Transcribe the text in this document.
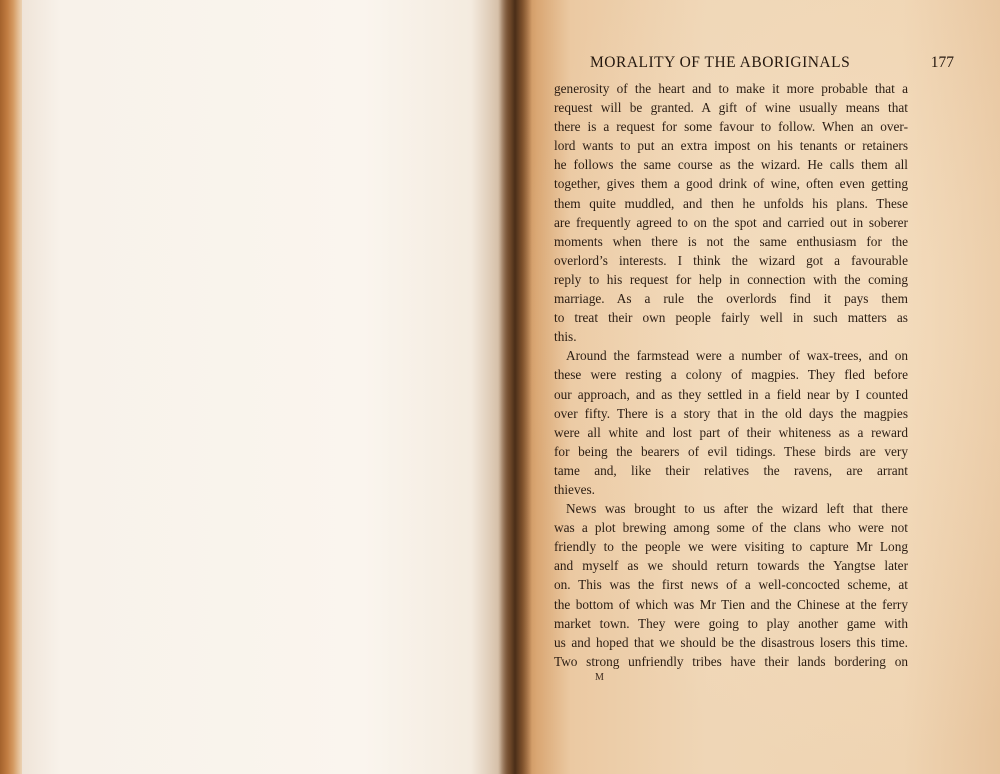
MORALITY OF THE ABORIGINALS	177
generosity of the heart and to make it more probable that a
request will be granted. A gift of wine usually means that
there is a request for some favour to follow. When an over-
lord wants to put an extra impost on his tenants or retainers
he follows the same course as the wizard. He calls them all
together, gives them a good drink of wine, often even getting
them quite muddled, and then he unfolds his plans. These
are frequently agreed to on the spot and carried out in soberer
moments when there is not the same enthusiasm for the
overlord’s interests. I think the wizard got a favourable
reply to his request for help in connection with the coming
marriage. As a rule the overlords find it pays them
to treat their own people fairly well in such matters as
this.
Around the farmstead were a number of wax-trees, and on
these were resting a colony of magpies. They fled before
our approach, and as they settled in a field near by I counted
over fifty. There is a story that in the old days the magpies
were all white and lost part of their whiteness as a reward
for being the bearers of evil tidings. These birds are very
tame and, like their relatives the ravens, are arrant
thieves.
News was brought to us after the wizard left that there
was a plot brewing among some of the clans who were not
friendly to the people we were visiting to capture Mr Long
and myself as we should return towards the Yangtse later
on. This was the first news of a well-concocted scheme, at
the bottom of which was Mr Tien and the Chinese at the ferry
market town. They were going to play another game with
us and hoped that we should be the disastrous losers this time.
Two strong unfriendly tribes have their lands bordering on
M
